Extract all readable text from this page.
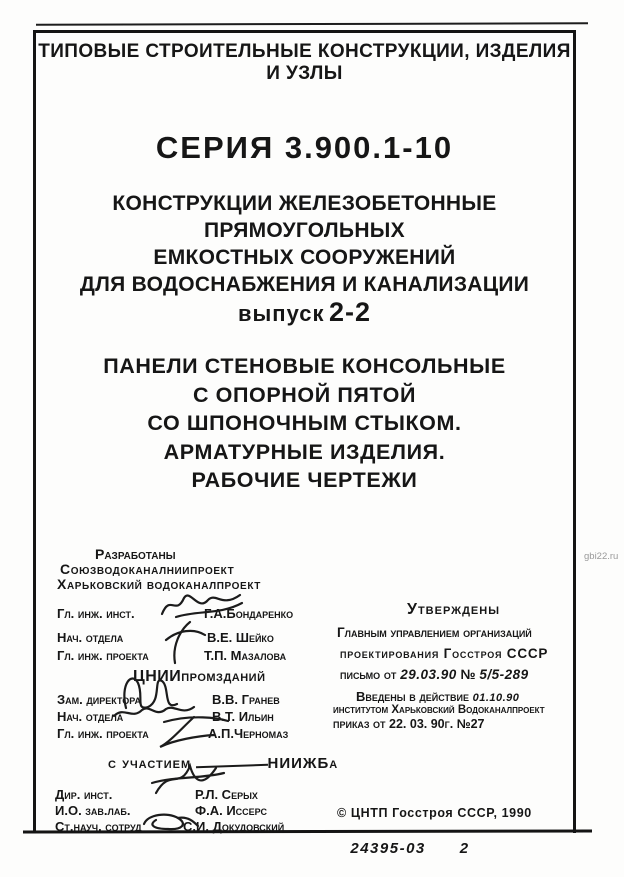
gbi22.ru
ТИПОВЫЕ СТРОИТЕЛЬНЫЕ КОНСТРУКЦИИ, ИЗДЕЛИЯ И УЗЛЫ
СЕРИЯ 3.900.1-10
КОНСТРУКЦИИ ЖЕЛЕЗОБЕТОННЫЕ ПРЯМОУГОЛЬНЫХ
ЕМКОСТНЫХ СООРУЖЕНИЙ
ДЛЯ ВОДОСНАБЖЕНИЯ И КАНАЛИЗАЦИИ
выпуск 2-2
ПАНЕЛИ СТЕНОВЫЕ КОНСОЛЬНЫЕ
С ОПОРНОЙ ПЯТОЙ
СО ШПОНОЧНЫМ СТЫКОМ.
АРМАТУРНЫЕ ИЗДЕЛИЯ.
РАБОЧИЕ ЧЕРТЕЖИ
Разработаны
Союзводоканалниипроект
Харьковский водоканалпроект
Гл. инж. инст.	Г.А.Бондаренко
Нач. отдела	В.Е. Шейко
Гл. инж. проекта	Т.П. Мазалова
ЦНИИпромзданий
Зам. директора	В.В. Гранев
Нач. отдела	В.Т. Ильин
Гл. инж. проекта	А.П.Черномаз
с участием	НИИЖБа
Дир. инст.	Р.Л. Серых
И.О. зав.лаб.	Ф.А. Иссерс
Ст.науч. сотруд	С.И. Докудовский
Утверждены
Главным управлением организаций
проектирования Госстроя СССР
письмо от 29.03.90 № 5/5-289
Введены в действие 01.10.90
институтом Харьковский Водоканалпроект
приказ от 22. 03. 90г. №27
© ЦНТП Госстроя СССР, 1990
24395-03 2
